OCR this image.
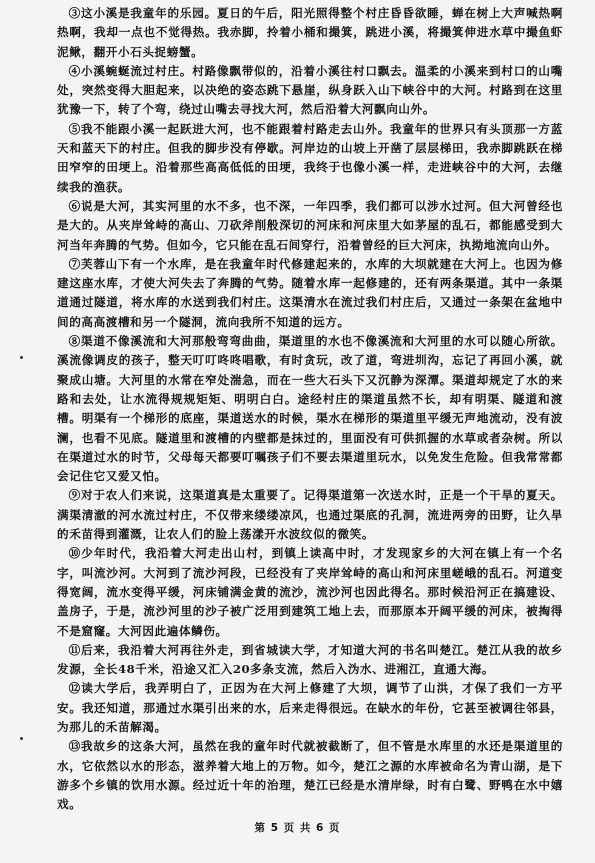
③这小溪是我童年的乐园。夏日的午后，阳光照得整个村庄昏昏欲睡，蝉在树上大声喊热啊热啊，我却一点也不觉得热。我赤脚，拎着小桶和撮箕，跳进小溪，将撮箕伸进水草中撮鱼虾泥鳅，翻开小石头捉螃蟹。

④小溪蜿蜒流过村庄。村路像飘带似的，沿着小溪往村口飘去。温柔的小溪来到村口的山嘴处，突然变得大胆起来，以决绝的姿态跳下悬崖，纵身跃入山下峡谷中的大河。村路到在这里犹豫一下，转了个弯，绕过山嘴去寻找大河，然后沿着大河飘向山外。

⑤我不能跟小溪一起跃进大河，也不能跟着村路走去山外。我童年的世界只有头顶那一方蓝天和蓝天下的村庄。但我的脚步没有停歇。河岸边的山坡上开凿了层层梯田，我赤脚跳跃在梯田窄窄的田埂上。沿着那些高高低低的田埂，我终于也像小溪一样，走进峡谷中的大河，去继续我的渔获。

⑥说是大河，其实河里的水不多，也不深，一年四季，我们都可以涉水过河。但大河曾经也是大的。从夹岸耸峙的高山、刀砍斧削般深切的河床和河床里大如茅屋的乱石，都能感受到大河当年奔腾的气势。但如今，它只能在乱石间穿行，沿着曾经的巨大河床，执拗地流向山外。

⑦芙蓉山下有一个水库，是在我童年时代修建起来的，水库的大坝就建在大河上。也因为修建这座水库，才使大河失去了奔腾的气势。随着水库一起修建的，还有两条渠道。其中一条渠道通过隧道，将水库的水送到我们村庄。这渠清水在流过我们村庄后，又通过一条架在盆地中间的高高渡槽和另一个隧洞，流向我所不知道的远方。

⑧渠道不像溪流和大河那般弯弯曲曲，渠道里的水也不像溪流和大河里的水可以随心所欲。溪流像调皮的孩子，整天叮叮咚咚唱歌，有时贪玩，改了道，弯进圳沟，忘记了再回小溪，就聚成山塘。大河里的水常在窄处湍急，而在一些大石头下又沉静为深潭。渠道却规定了水的来路和去处，让水流得规规矩矩、明明白白。途经村庄的渠道虽然不长，却有明渠、隧道和渡槽。明渠有一个梯形的底座，渠道送水的时候，渠水在梯形的渠道里平缓无声地流动，没有波澜，也看不见底。隧道里和渡槽的内壁都是抹过的，里面没有可供抓握的水草或者杂树。所以在渠道过水的时节，父母每天都要叮嘱孩子们不要去渠道里玩水，以免发生危险。但我常常都会记住它又爱又怕。

⑨对于农人们来说，这渠道真是太重要了。记得渠道第一次送水时，正是一个干旱的夏天。满渠清澈的河水流过村庄，不仅带来缕缕凉风，也通过渠底的孔洞，流进两旁的田野，让久旱的禾苗得到灌溉，让农人们的脸上荡漾开水波纹似的微笑。

⑩少年时代，我沿着大河走出山村，到镇上读高中时，才发现家乡的大河在镇上有一个名字，叫流沙河。大河到了流沙河段，已经没有了夹岸耸峙的高山和河床里嵯峨的乱石。河道变得宽阔，流水变得平缓，河床铺满金黄的流沙，流沙河也因此得名。那时候沿河正在搞建设、盖房子，于是，流沙河里的沙子被广泛用到建筑工地上去，而那原本开阔平缓的河床，被掏得不是窟窿。大河因此遍体鳞伤。

⑪后来，我沿着大河再往外走，到省城读大学，才知道大河的书名叫楚江。楚江从我的故乡发源，全长48千米，沿途又汇入20多条支流，然后入沩水、进湘江，直通大海。

⑫读大学后，我弄明白了，正因为在大河上修建了大坝，调节了山洪，才保了我们一方平安。我还知道，那通过水渠引出来的水，后来走得很远。在缺水的年份，它甚至被调往邻县，为那儿的禾苗解渴。

⑬我故乡的这条大河，虽然在我的童年时代就被截断了，但不管是水库里的水还是渠道里的水，它依然以水的形态，滋养着大地上的万物。如今，楚江之源的水库被命名为青山湖，是下游多个乡镇的饮用水源。经过近十年的治理，楚江已经是水清岸绿，时有白鹭、野鸭在水中嬉戏。

第 5 页 共 6 页
